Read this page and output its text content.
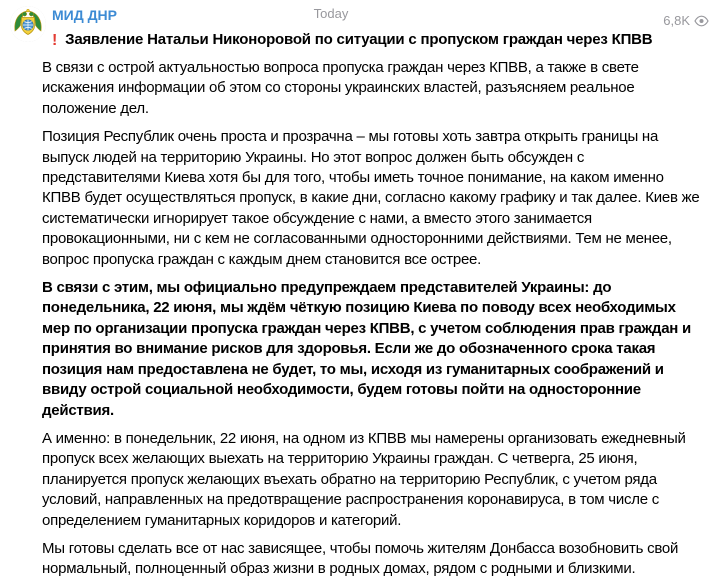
Today	6,8K
МИД ДНР
! Заявление Натальи Никоноровой по ситуации с пропуском граждан через КПВВ

В связи с острой актуальностью вопроса пропуска граждан через КПВВ, а также в свете искажения информации об этом со стороны украинских властей, разъясняем реальное положение дел.

Позиция Республик очень проста и прозрачна – мы готовы хоть завтра открыть границы на выпуск людей на территорию Украины. Но этот вопрос должен быть обсужден с представителями Киева хотя бы для того, чтобы иметь точное понимание, на каком именно КПВВ будет осуществляться пропуск, в какие дни, согласно какому графику и так далее. Киев же систематически игнорирует такое обсуждение с нами, а вместо этого занимается провокационными, ни с кем не согласованными односторонними действиями. Тем не менее, вопрос пропуска граждан с каждым днем становится все острее.

В связи с этим, мы официально предупреждаем представителей Украины: до понедельника, 22 июня, мы ждём чёткую позицию Киева по поводу всех необходимых мер по организации пропуска граждан через КПВВ, с учетом соблюдения прав граждан и принятия во внимание рисков для здоровья. Если же до обозначенного срока такая позиция нам предоставлена не будет, то мы, исходя из гуманитарных соображений и ввиду острой социальной необходимости, будем готовы пойти на односторонние действия.

А именно: в понедельник, 22 июня, на одном из КПВВ мы намерены организовать ежедневный пропуск всех желающих выехать на территорию Украины граждан. С четверга, 25 июня, планируется пропуск желающих въехать обратно на территорию Республик, с учетом ряда условий, направленных на предотвращение распространения коронавируса, в том числе с определением гуманитарных коридоров и категорий.

Мы готовы сделать все от нас зависящее, чтобы помочь жителям Донбасса возобновить свой нормальный, полноценный образ жизни в родных домах, рядом с родными и близкими.
